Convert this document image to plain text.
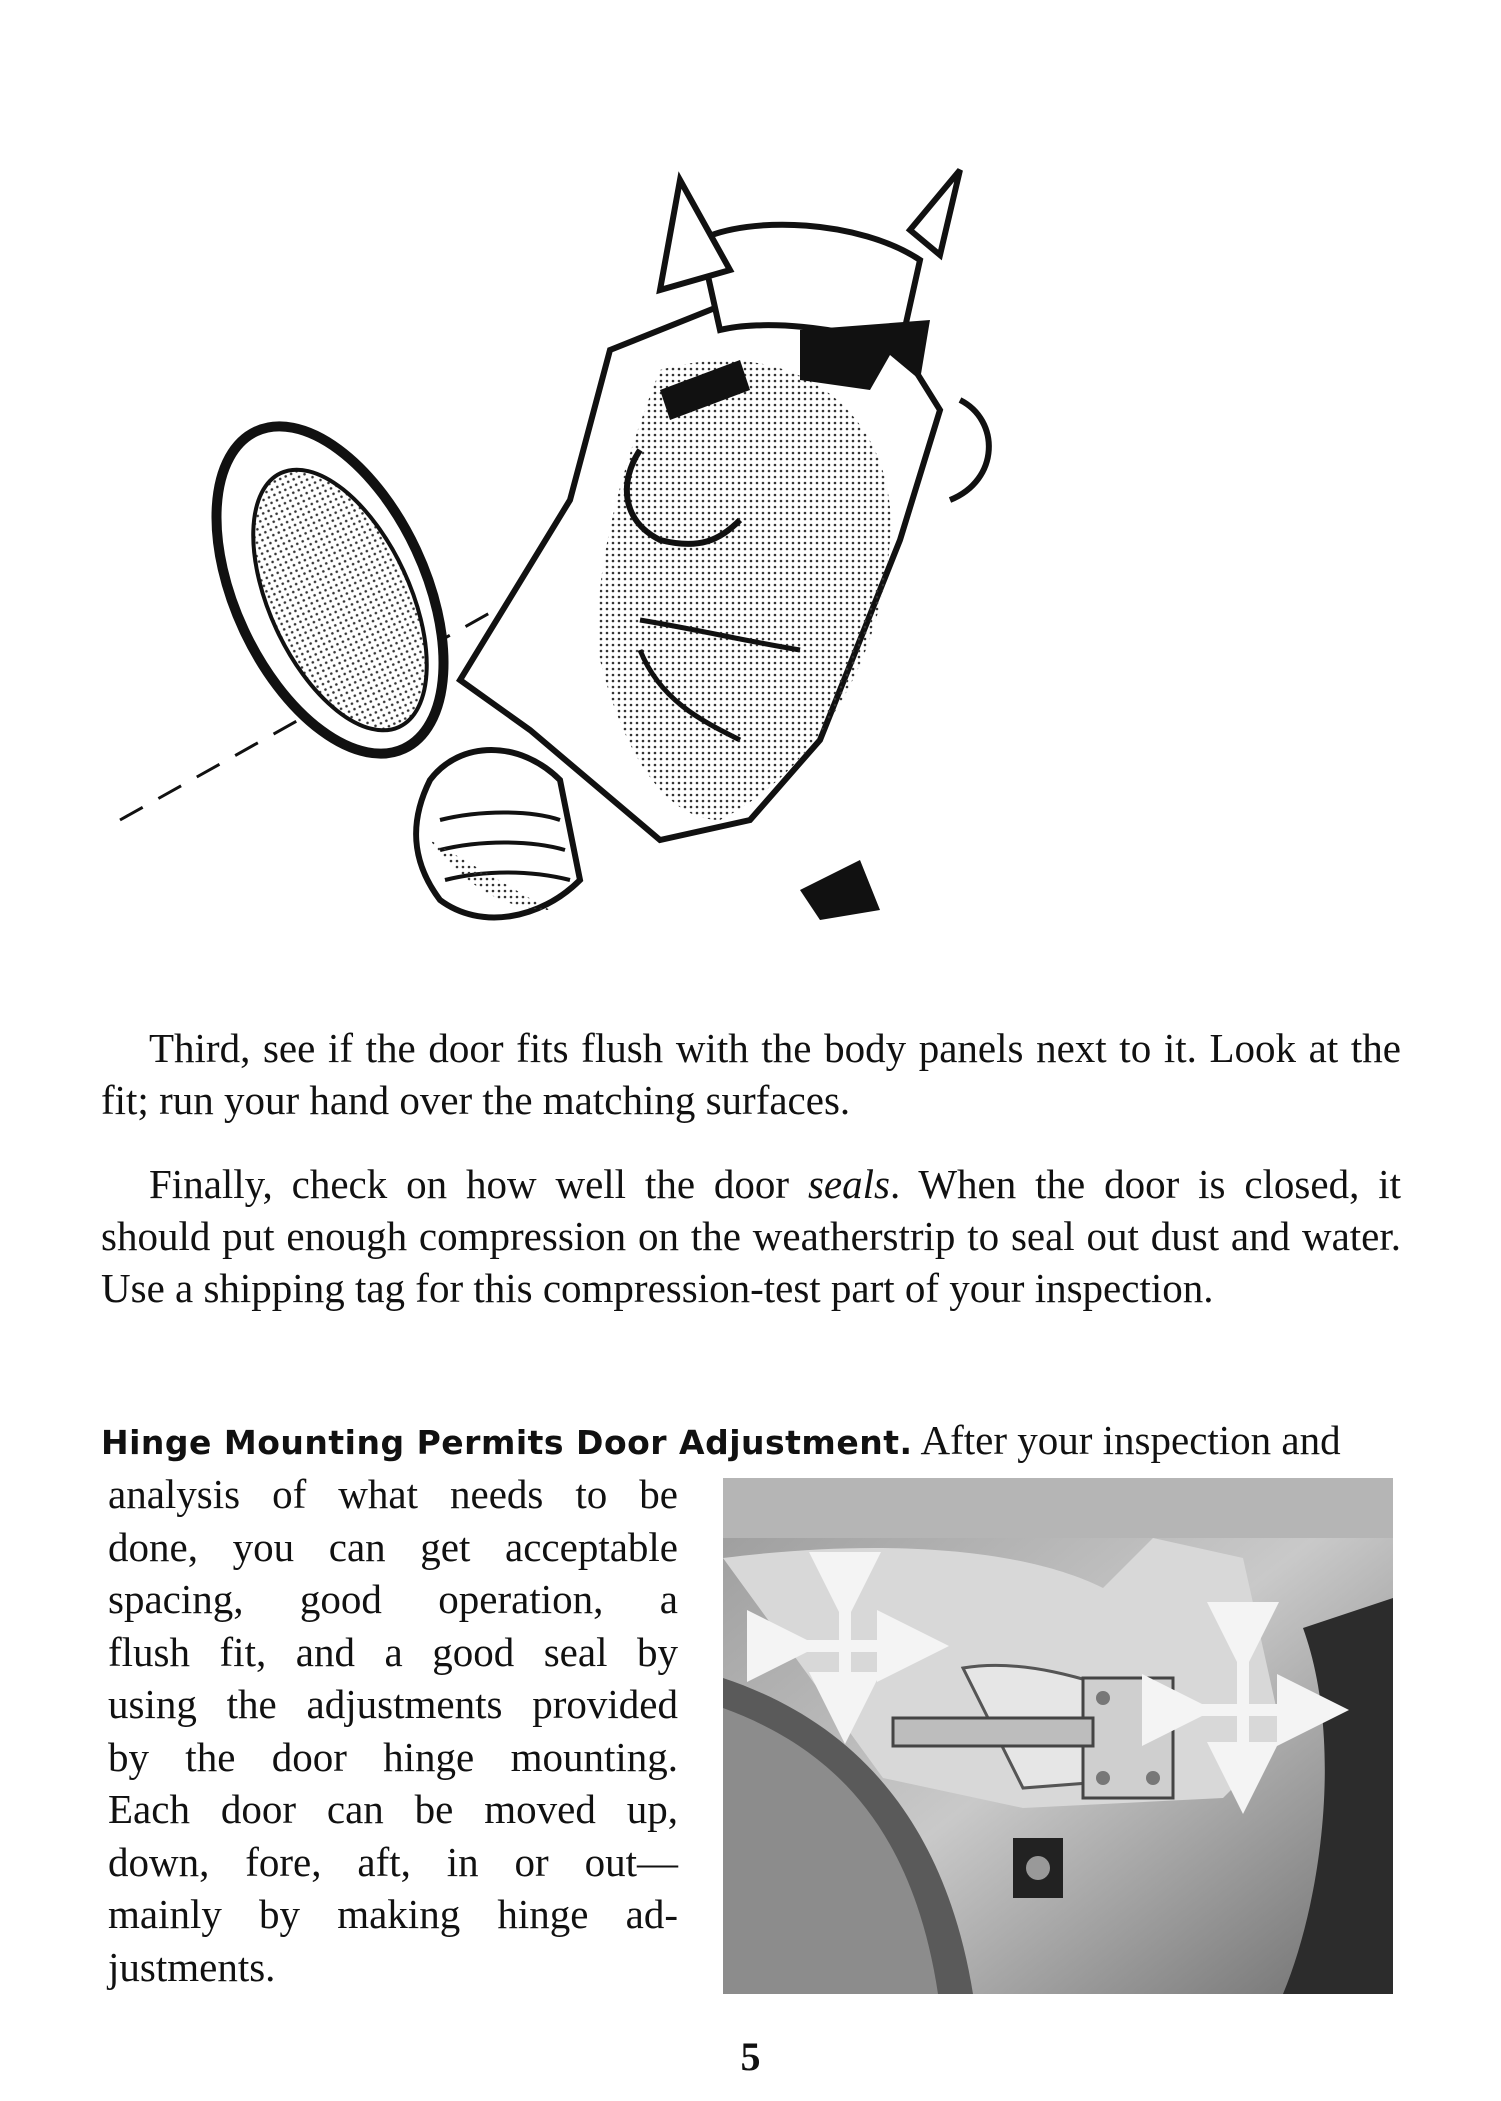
Third, see if the door fits flush with the body panels next to it. Look at the fit; run your hand over the matching surfaces.
Finally, check on how well the door seals. When the door is closed, it should put enough compression on the weatherstrip to seal out dust and water. Use a shipping tag for this compression-test part of your inspection.
Hinge Mounting Permits Door Adjustment. After your inspection and
analysis of what needs to be
done, you can get acceptable
spacing, good operation, a
flush fit, and a good seal by
using the adjustments provided
by the door hinge mounting.
Each door can be moved up,
down, fore, aft, in or out—
mainly by making hinge ad-
justments.
5
